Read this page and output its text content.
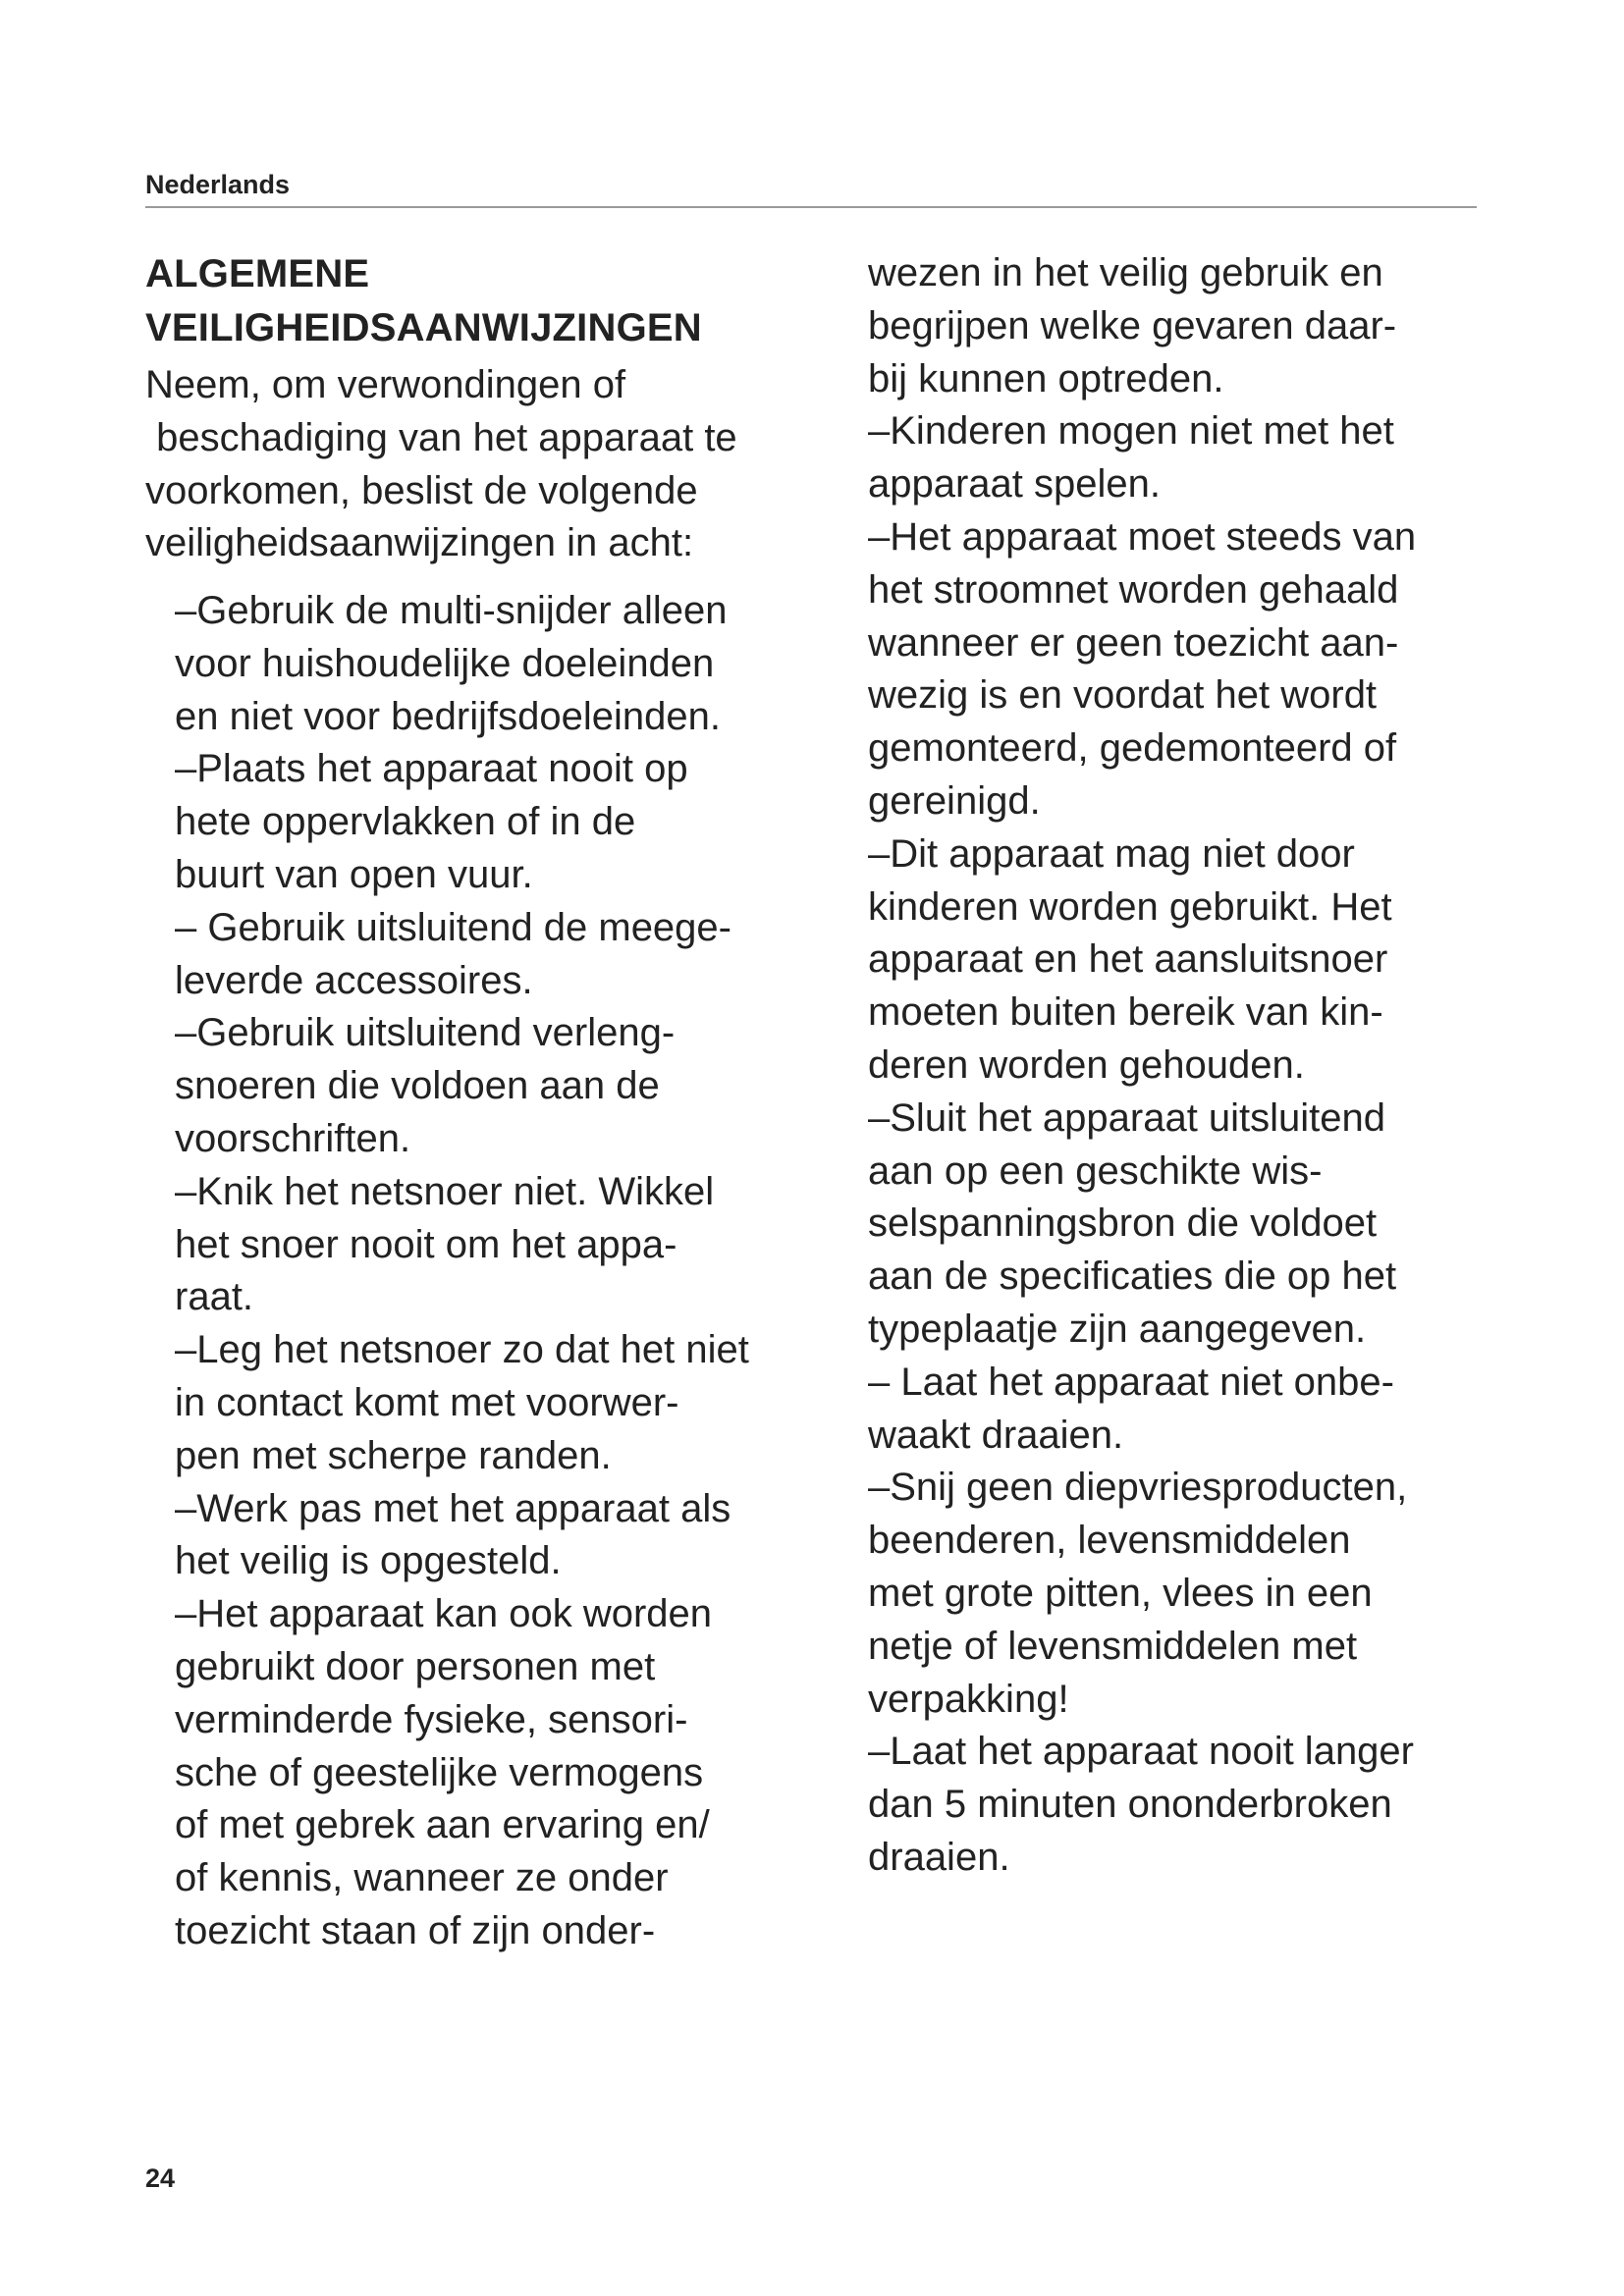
Nederlands
ALGEMENE
VEILIGHEIDSAANWIJZINGEN
Neem, om verwondingen of
beschadiging van het apparaat te
voorkomen, beslist de volgende
veiligheidsaanwijzingen in acht:
–Gebruik de multi-snijder alleen
voor huishoudelijke doeleinden
en niet voor bedrijfsdoeleinden.
–Plaats het apparaat nooit op
hete oppervlakken of in de
buurt van open vuur.
– Gebruik uitsluitend de meege-
leverde accessoires.
–Gebruik uitsluitend verleng-
snoeren die voldoen aan de
voorschriften.
–Knik het netsnoer niet. Wikkel
het snoer nooit om het appa-
raat.
–Leg het netsnoer zo dat het niet
in contact komt met voorwer-
pen met scherpe randen.
–Werk pas met het apparaat als
het veilig is opgesteld.
–Het apparaat kan ook worden
gebruikt door personen met
verminderde fysieke, sensori-
sche of geestelijke vermogens
of met gebrek aan ervaring en/
of kennis, wanneer ze onder
toezicht staan of zijn onder-
wezen in het veilig gebruik en
begrijpen welke gevaren daar-
bij kunnen optreden.
–Kinderen mogen niet met het
apparaat spelen.
–Het apparaat moet steeds van
het stroomnet worden gehaald
wanneer er geen toezicht aan-
wezig is en voordat het wordt
gemonteerd, gedemonteerd of
gereinigd.
–Dit apparaat mag niet door
kinderen worden gebruikt. Het
apparaat en het aansluitsnoer
moeten buiten bereik van kin-
deren worden gehouden.
–Sluit het apparaat uitsluitend
aan op een geschikte wis-
selspanningsbron die voldoet
aan de specificaties die op het
typeplaatje zijn aangegeven.
– Laat het apparaat niet onbe-
waakt draaien.
–Snij geen diepvriesproducten,
beenderen, levensmiddelen
met grote pitten, vlees in een
netje of levensmiddelen met
verpakking!
–Laat het apparaat nooit langer
dan 5 minuten ononderbroken
draaien.
24
